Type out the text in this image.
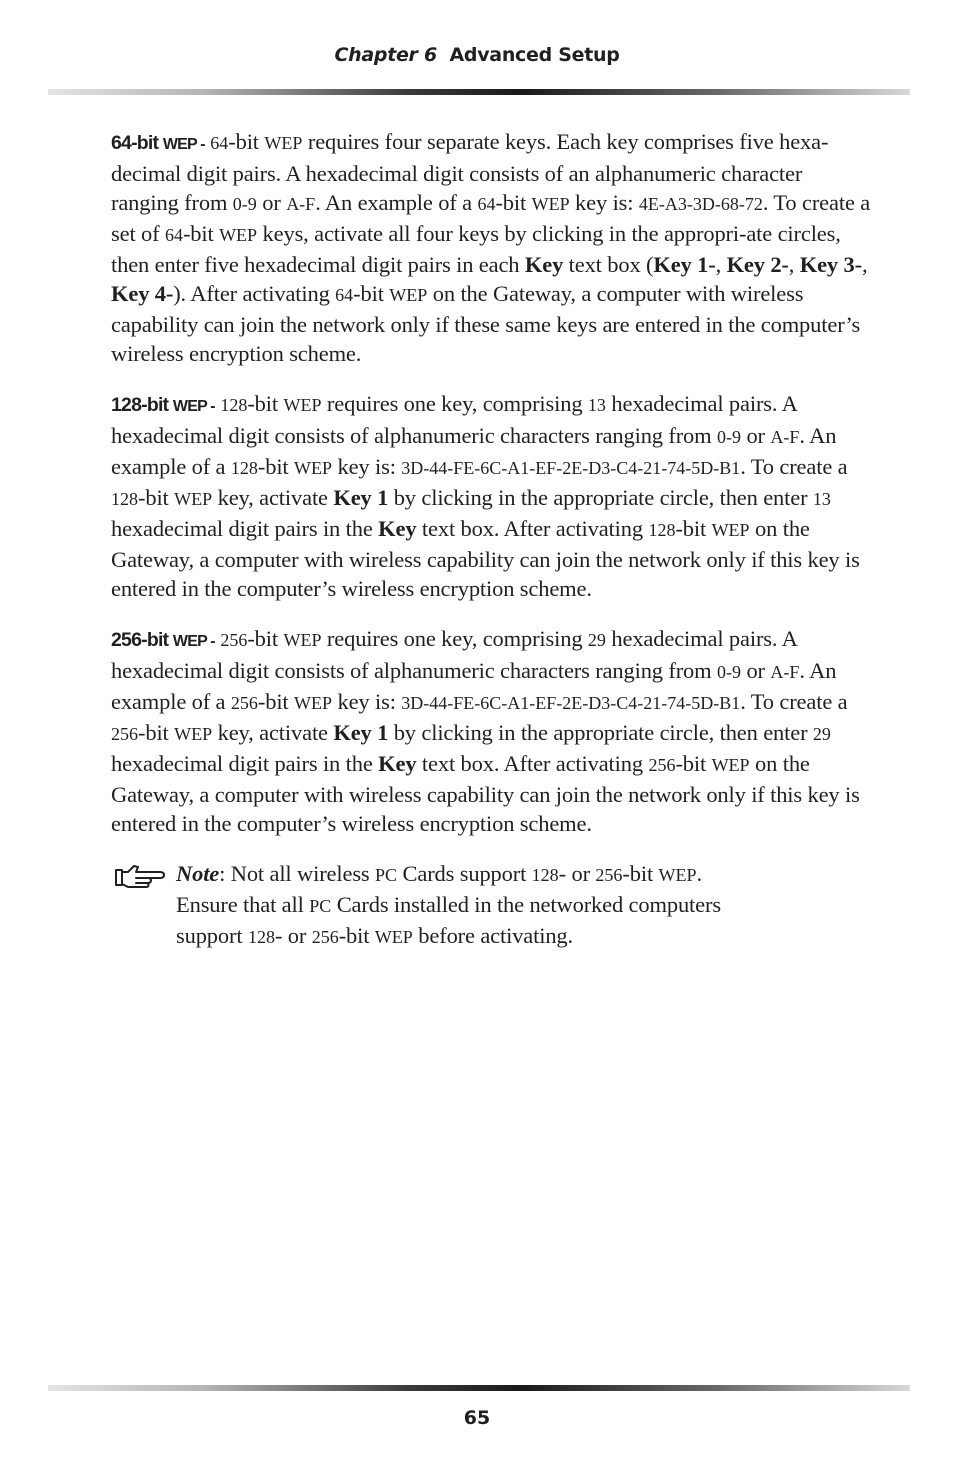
Chapter 6 Advanced Setup

64-bit WEP - 64-bit WEP requires four separate keys. Each key comprises five hexa-decimal digit pairs. A hexadecimal digit consists of an alphanumeric character ranging from 0-9 or A-F. An example of a 64-bit WEP key is: 4E-A3-3D-68-72. To create a set of 64-bit WEP keys, activate all four keys by clicking in the appropri-ate circles, then enter five hexadecimal digit pairs in each Key text box (Key 1-, Key 2-, Key 3-, Key 4-). After activating 64-bit WEP on the Gateway, a computer with wireless capability can join the network only if these same keys are entered in the computer’s wireless encryption scheme.

128-bit WEP - 128-bit WEP requires one key, comprising 13 hexadecimal pairs. A hexadecimal digit consists of alphanumeric characters ranging from 0-9 or A-F. An example of a 128-bit WEP key is: 3D-44-FE-6C-A1-EF-2E-D3-C4-21-74-5D-B1. To create a 128-bit WEP key, activate Key 1 by clicking in the appropriate circle, then enter 13 hexadecimal digit pairs in the Key text box. After activating 128-bit WEP on the Gateway, a computer with wireless capability can join the network only if this key is entered in the computer’s wireless encryption scheme.

256-bit WEP - 256-bit WEP requires one key, comprising 29 hexadecimal pairs. A hexadecimal digit consists of alphanumeric characters ranging from 0-9 or A-F. An example of a 256-bit WEP key is: 3D-44-FE-6C-A1-EF-2E-D3-C4-21-74-5D-B1. To create a 256-bit WEP key, activate Key 1 by clicking in the appropriate circle, then enter 29 hexadecimal digit pairs in the Key text box. After activating 256-bit WEP on the Gateway, a computer with wireless capability can join the network only if this key is entered in the computer’s wireless encryption scheme.

Note: Not all wireless PC Cards support 128- or 256-bit WEP.
Ensure that all PC Cards installed in the networked computers
support 128- or 256-bit WEP before activating.
65
